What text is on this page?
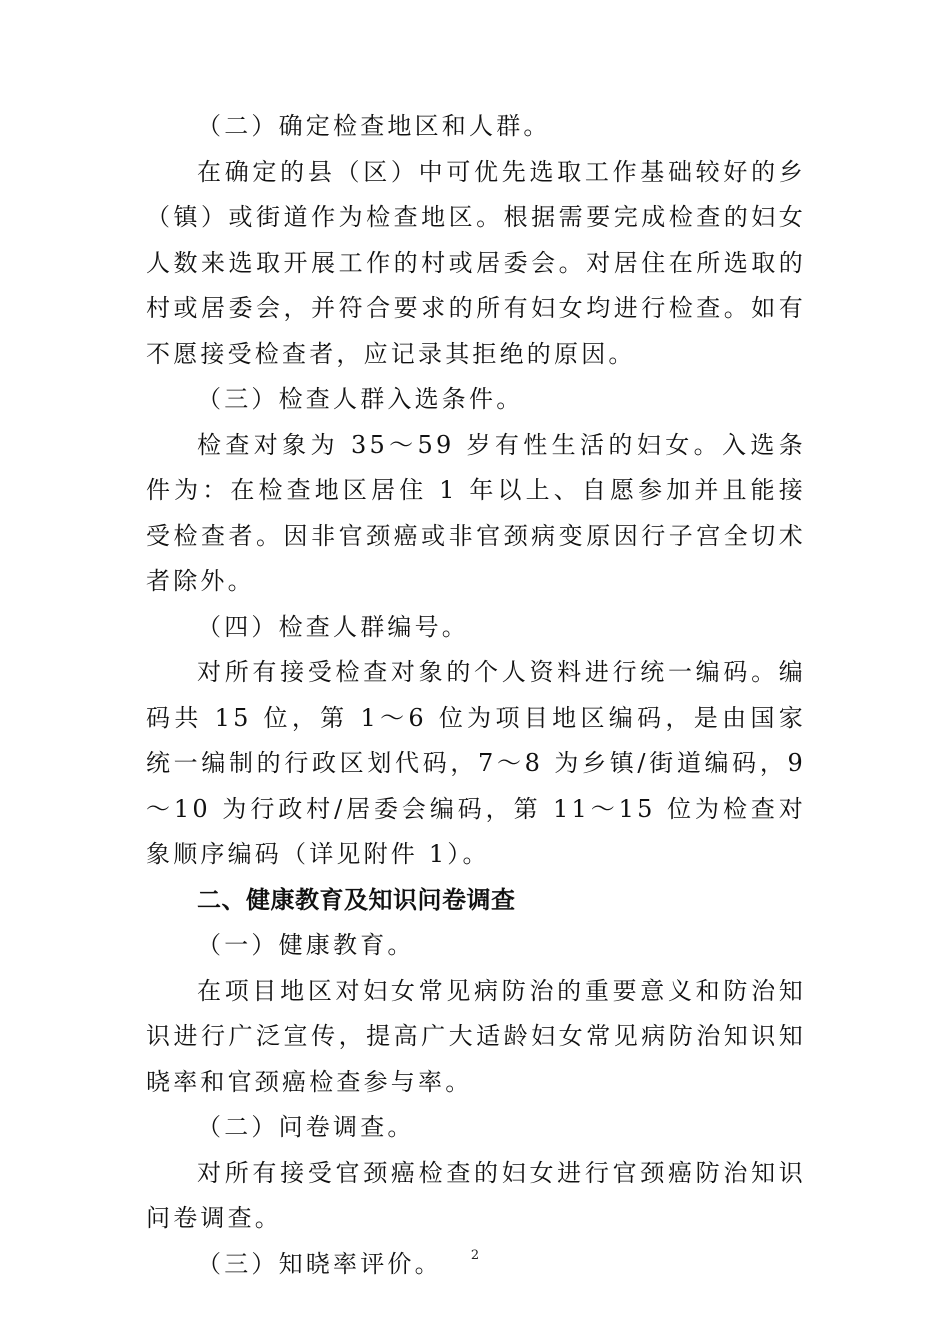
（二）确定检查地区和人群。

在确定的县（区）中可优先选取工作基础较好的乡（镇）或街道作为检查地区。根据需要完成检查的妇女人数来选取开展工作的村或居委会。对居住在所选取的村或居委会，并符合要求的所有妇女均进行检查。如有不愿接受检查者，应记录其拒绝的原因。

（三）检查人群入选条件。

检查对象为 35～59 岁有性生活的妇女。入选条件为：在检查地区居住 1 年以上、自愿参加并且能接受检查者。因非官颈癌或非官颈病变原因行子宫全切术者除外。

（四）检查人群编号。

对所有接受检查对象的个人资料进行统一编码。编码共 15 位，第 1～6 位为项目地区编码，是由国家统一编制的行政区划代码，7～8 为乡镇/街道编码，9～10 为行政村/居委会编码，第 11～15 位为检查对象顺序编码（详见附件 1）。

二、健康教育及知识问卷调查

（一）健康教育。

在项目地区对妇女常见病防治的重要意义和防治知识进行广泛宣传，提高广大适龄妇女常见病防治知识知晓率和官颈癌检查参与率。

（二）问卷调查。

对所有接受官颈癌检查的妇女进行官颈癌防治知识问卷调查。

（三）知晓率评价。	2
